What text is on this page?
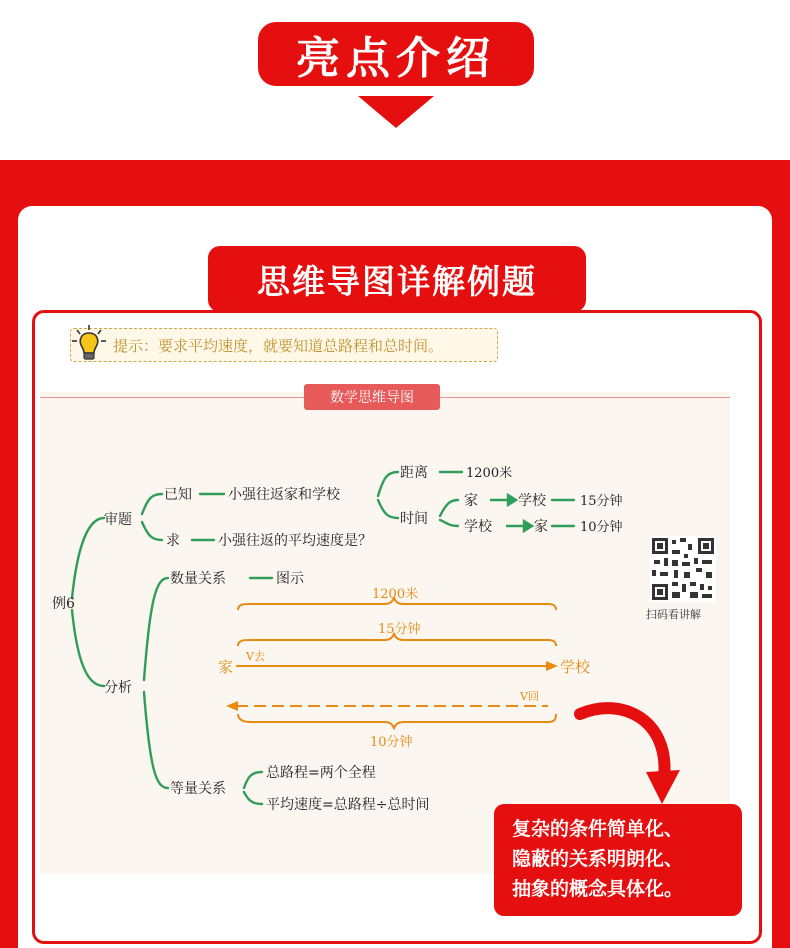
亮点介绍
思维导图详解例题
提示：要求平均速度，就要知道总路程和总时间。
数学思维导图
例6
审题
已知	小强往返家和学校
距离	1200米
时间
家	学校	15分钟
学校	家 10分钟
求	小强往返的平均速度是？
分析
数量关系	图示
等量关系
总路程=两个全程
平均速度=总路程÷总时间
1200米
15分钟
家
V去
学校
V回
10分钟
扫码看讲解
复杂的条件简单化、
隐蔽的关系明朗化、
抽象的概念具体化。
